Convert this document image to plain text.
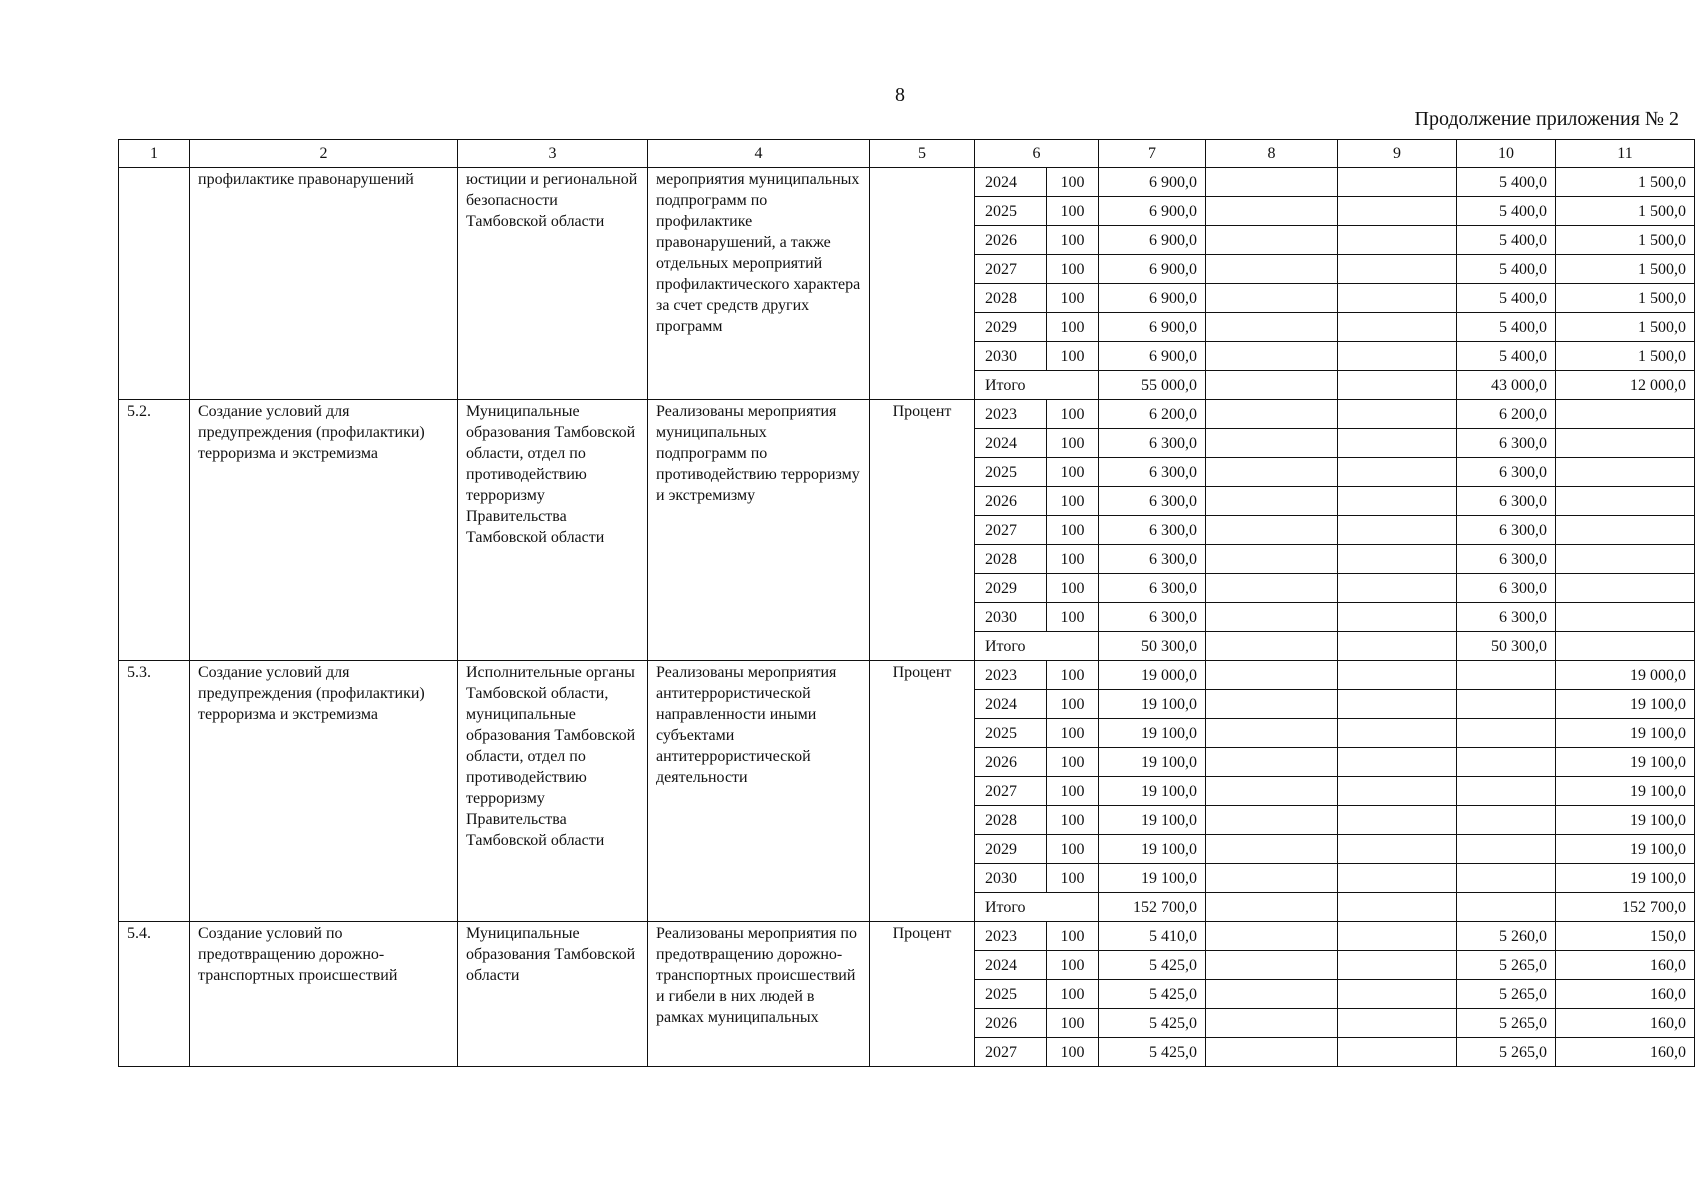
8
Продолжение приложения № 2
1	2	3	4	5	6		7	8	9	10	11
	профилактике правонарушений	юстиции и региональной безопасности Тамбовской области	мероприятия муниципальных подпрограмм по профилактике правонарушений, а также отдельных мероприятий профилактического характера за счет средств других программ		2024	100	6 900,0			5 400,0	1 500,0
					2025	100	6 900,0			5 400,0	1 500,0
					2026	100	6 900,0			5 400,0	1 500,0
					2027	100	6 900,0			5 400,0	1 500,0
					2028	100	6 900,0			5 400,0	1 500,0
					2029	100	6 900,0			5 400,0	1 500,0
					2030	100	6 900,0			5 400,0	1 500,0
					Итого		55 000,0			43 000,0	12 000,0
5.2.	Создание условий для предупреждения (профилактики) терроризма и экстремизма	Муниципальные образования Тамбовской области, отдел по противодействию терроризму Правительства Тамбовской области	Реализованы мероприятия муниципальных подпрограмм по противодействию терроризму и экстремизму	Процент	2023	100	6 200,0			6 200,0	
					2024	100	6 300,0			6 300,0	
					2025	100	6 300,0			6 300,0	
					2026	100	6 300,0			6 300,0	
					2027	100	6 300,0			6 300,0	
					2028	100	6 300,0			6 300,0	
					2029	100	6 300,0			6 300,0	
					2030	100	6 300,0			6 300,0	
					Итого		50 300,0			50 300,0	
5.3.	Создание условий для предупреждения (профилактики) терроризма и экстремизма	Исполнительные органы Тамбовской области, муниципальные образования Тамбовской области, отдел по противодействию терроризму Правительства Тамбовской области	Реализованы мероприятия антитеррористической направленности иными субъектами антитеррористической деятельности	Процент	2023	100	19 000,0				19 000,0
					2024	100	19 100,0				19 100,0
					2025	100	19 100,0				19 100,0
					2026	100	19 100,0				19 100,0
					2027	100	19 100,0				19 100,0
					2028	100	19 100,0				19 100,0
					2029	100	19 100,0				19 100,0
					2030	100	19 100,0				19 100,0
					Итого		152 700,0				152 700,0
5.4.	Создание условий по предотвращению дорожно-транспортных происшествий	Муниципальные образования Тамбовской области	Реализованы мероприятия по предотвращению дорожно-транспортных происшествий и гибели в них людей в рамках муниципальных	Процент	2023	100	5 410,0			5 260,0	150,0
					2024	100	5 425,0			5 265,0	160,0
					2025	100	5 425,0			5 265,0	160,0
					2026	100	5 425,0			5 265,0	160,0
					2027	100	5 425,0			5 265,0	160,0
